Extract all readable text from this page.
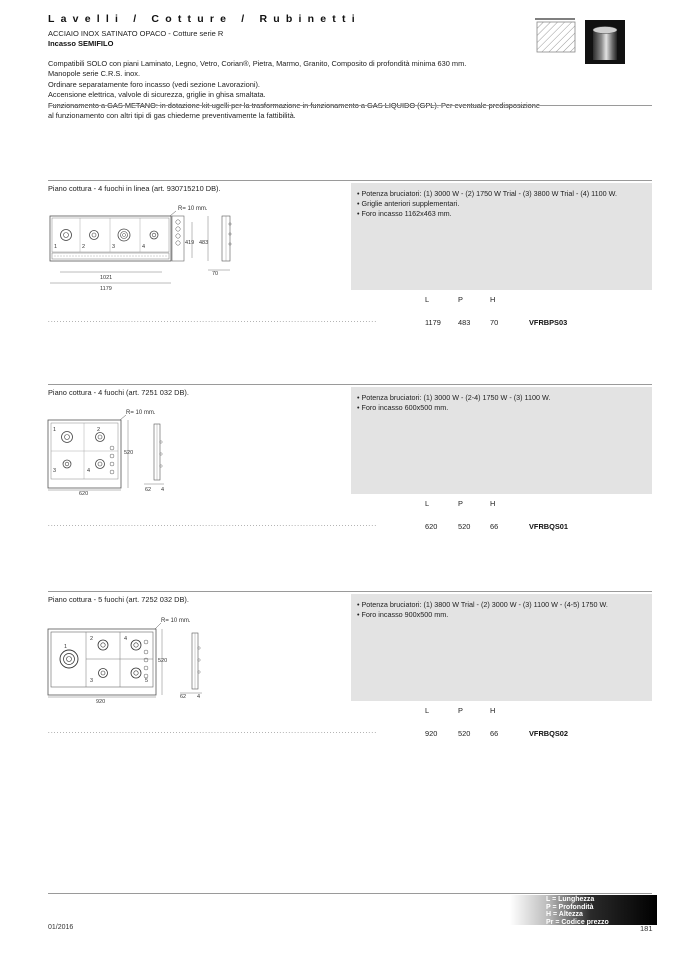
Lavelli / Cotture / Rubinetti
ACCIAIO INOX SATINATO OPACO - Cotture serie R
Incasso SEMIFILO
Compatibili SOLO con piani Laminato, Legno, Vetro, Corian®, Pietra, Marmo, Granito, Composito di profondità minima 630 mm.
Manopole serie C.R.S. inox.
Ordinare separatamente foro incasso (vedi sezione Lavorazioni).
Accensione elettrica, valvole di sicurezza, griglie in ghisa smaltata.
Funzionamento a GAS METANO: in dotazione kit-ugelli per la trasformazione in funzionamento a GAS LIQUIDO (GPL). Per eventuale predisposizione
al funzionamento con altri tipi di gas chiederne preventivamente la fattibilità.
Piano cottura - 4 fuochi in linea (art. 930715210 DB).
R= 10 mm.
1	2	3	4
419 483
70
1021
1179
• Potenza bruciatori: (1) 3000 W - (2) 1750 W Trial - (3) 3800 W Trial - (4) 1100 W.
• Griglie anteriori supplementari.
• Foro incasso 1162x463 mm.
L	P	H
...............................................................................................................	1179 483	70	VFRBPS03
Piano cottura - 4 fuochi (art. 7251 032 DB).
R= 10 mm.
1	2
3	4
520
62 4
620
• Potenza bruciatori: (1) 3000 W - (2-4) 1750 W - (3) 1100 W.
• Foro incasso 600x500 mm.
L	P	H
...............................................................................................................	620	520	66	VFRBQS01
Piano cottura - 5 fuochi (art. 7252 032 DB).
R= 10 mm.
1
2
3
4
5
520
62 4
920
• Potenza bruciatori: (1) 3800 W Trial - (2) 3000 W - (3) 1100 W - (4-5) 1750 W.
• Foro incasso 900x500 mm.
L	P	H
...............................................................................................................	920	520	66	VFRBQS02
L = Lunghezza
P = Profondità
H = Altezza
Pr = Codice prezzo
01/2016	181
